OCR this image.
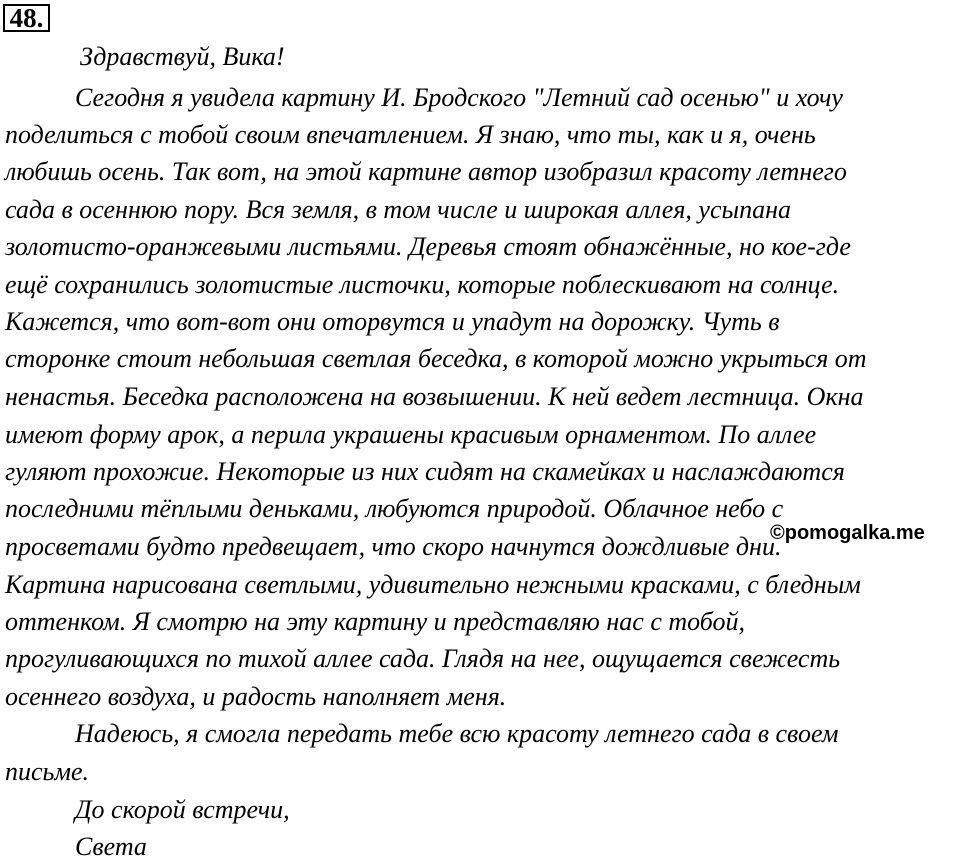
48.
Здравствуй, Вика!
Сегодня я увидела картину И. Бродского "Летний сад осенью" и хочу
поделиться с тобой своим впечатлением. Я знаю, что ты, как и я, очень
любишь осень. Так вот, на этой картине автор изобразил красоту летнего
сада в осеннюю пору. Вся земля, в том числе и широкая аллея, усыпана
золотисто-оранжевыми листьями. Деревья стоят обнажённые, но кое-где
ещё сохранились золотистые листочки, которые поблескивают на солнце.
Кажется, что вот-вот они оторвутся и упадут на дорожку. Чуть в
сторонке стоит небольшая светлая беседка, в которой можно укрыться от
ненастья. Беседка расположена на возвышении. К ней ведет лестница. Окна
имеют форму арок, а перила украшены красивым орнаментом. По аллее
гуляют прохожие. Некоторые из них сидят на скамейках и наслаждаются
последними тёплыми деньками, любуются природой. Облачное небо с
просветами будто предвещает, что скоро начнутся дождливые дни.
Картина нарисована светлыми, удивительно нежными красками, с бледным
оттенком. Я смотрю на эту картину и представляю нас с тобой,
прогуливающихся по тихой аллее сада. Глядя на нее, ощущается свежесть
осеннего воздуха, и радость наполняет меня.
Надеюсь, я смогла передать тебе всю красоту летнего сада в своем
письме.
До скорой встречи,
Света
©pomogalka.me
